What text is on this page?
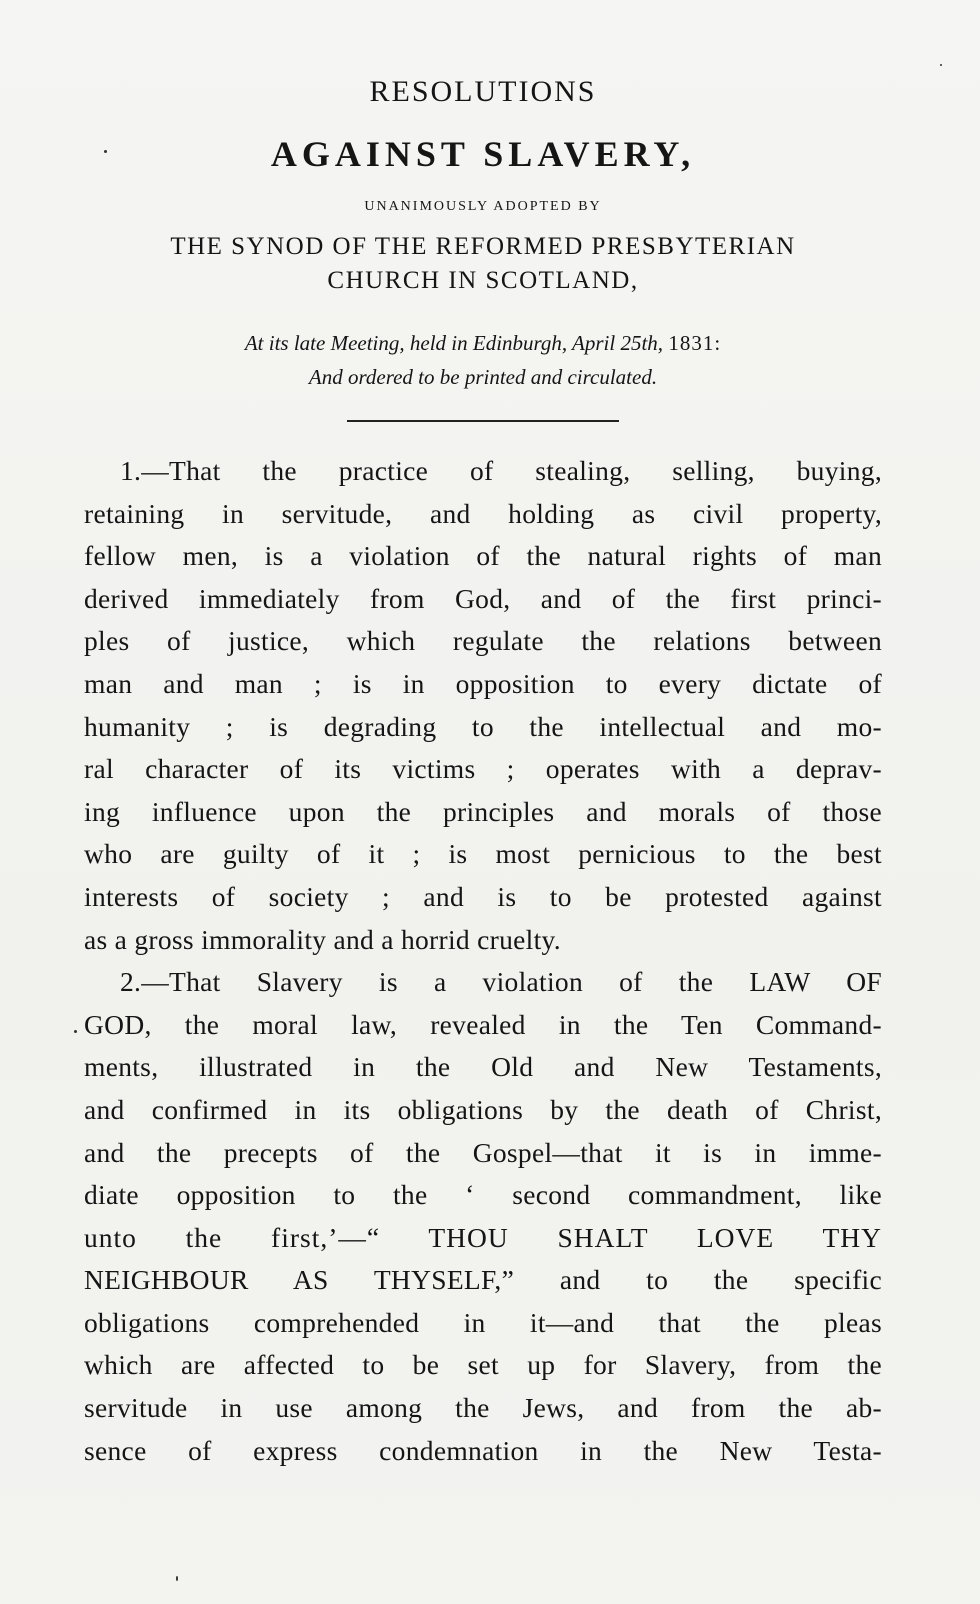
RESOLUTIONS
AGAINST SLAVERY,
UNANIMOUSLY ADOPTED BY
THE SYNOD OF THE REFORMED PRESBYTERIAN
CHURCH IN SCOTLAND,
At its late Meeting, held in Edinburgh, April 25th, 1831:
And ordered to be printed and circulated.
1.—That the practice of stealing, selling, buying,
retaining in servitude, and holding as civil property,
fellow men, is a violation of the natural rights of man
derived immediately from God, and of the first princi-
ples of justice, which regulate the relations between
man and man ; is in opposition to every dictate of
humanity ; is degrading to the intellectual and mo-
ral character of its victims ; operates with a deprav-
ing influence upon the principles and morals of those
who are guilty of it ; is most pernicious to the best
interests of society ; and is to be protested against
as a gross immorality and a horrid cruelty.
2.—That Slavery is a violation of the LAW OF
GOD, the moral law, revealed in the Ten Command-
ments, illustrated in the Old and New Testaments,
and confirmed in its obligations by the death of Christ,
and the precepts of the Gospel—that it is in imme-
diate opposition to the ‘ second commandment, like
unto the first,’—“ THOU SHALT LOVE THY
NEIGHBOUR AS THYSELF,” and to the specific
obligations comprehended in it—and that the pleas
which are affected to be set up for Slavery, from the
servitude in use among the Jews, and from the ab-
sence of express condemnation in the New Testa-
